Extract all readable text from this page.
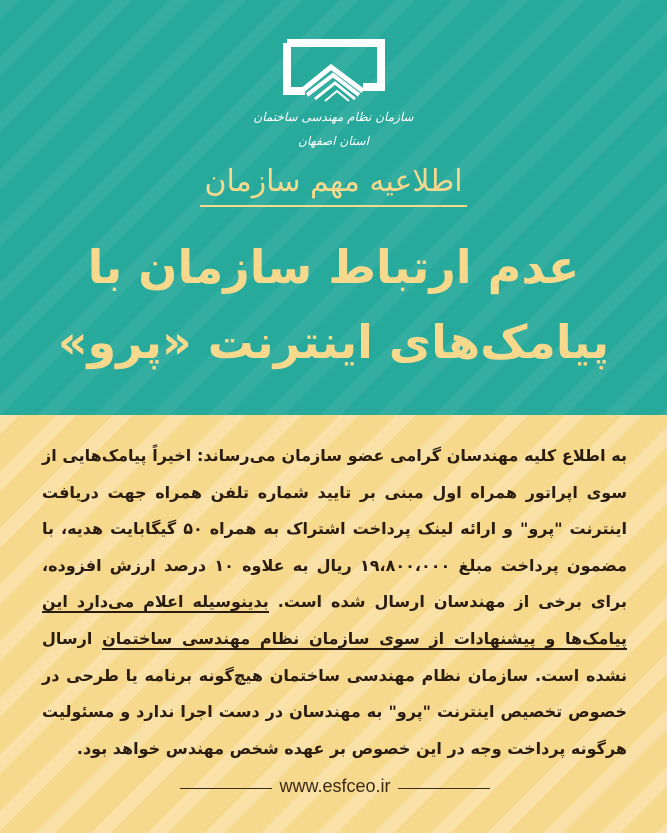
سازمان نظام مهندسی ساختمان
استان اصفهان
اطلاعیه مهم سازمان
عدم ارتباط سازمان با
پیامک‌های اینترنت «پرو»

به اطلاع کلیه مهندسان گرامی عضو سازمان می‌رساند: اخیراً پیامک‌هایی از سوی اپراتور همراه اول مبنی بر تایید شماره تلفن همراه جهت دریافت اینترنت "پرو" و ارائه لینک پرداخت اشتراک به همراه ۵۰ گیگابایت هدیه، با مضمون پرداخت مبلغ ۱۹،۸۰۰،۰۰۰ ریال به علاوه ۱۰ درصد ارزش افزوده، برای برخی از مهندسان ارسال شده است. بدینوسیله اعلام می‌دارد این پیامک‌ها و پیشنهادات از سوی سازمان نظام مهندسی ساختمان ارسال نشده است. سازمان نظام مهندسی ساختمان هیچ‌گونه برنامه یا طرحی در خصوص تخصیص اینترنت "پرو" به مهندسان در دست اجرا ندارد و مسئولیت هرگونه پرداخت وجه در این خصوص بر عهده شخص مهندس خواهد بود.

www.esfceo.ir
